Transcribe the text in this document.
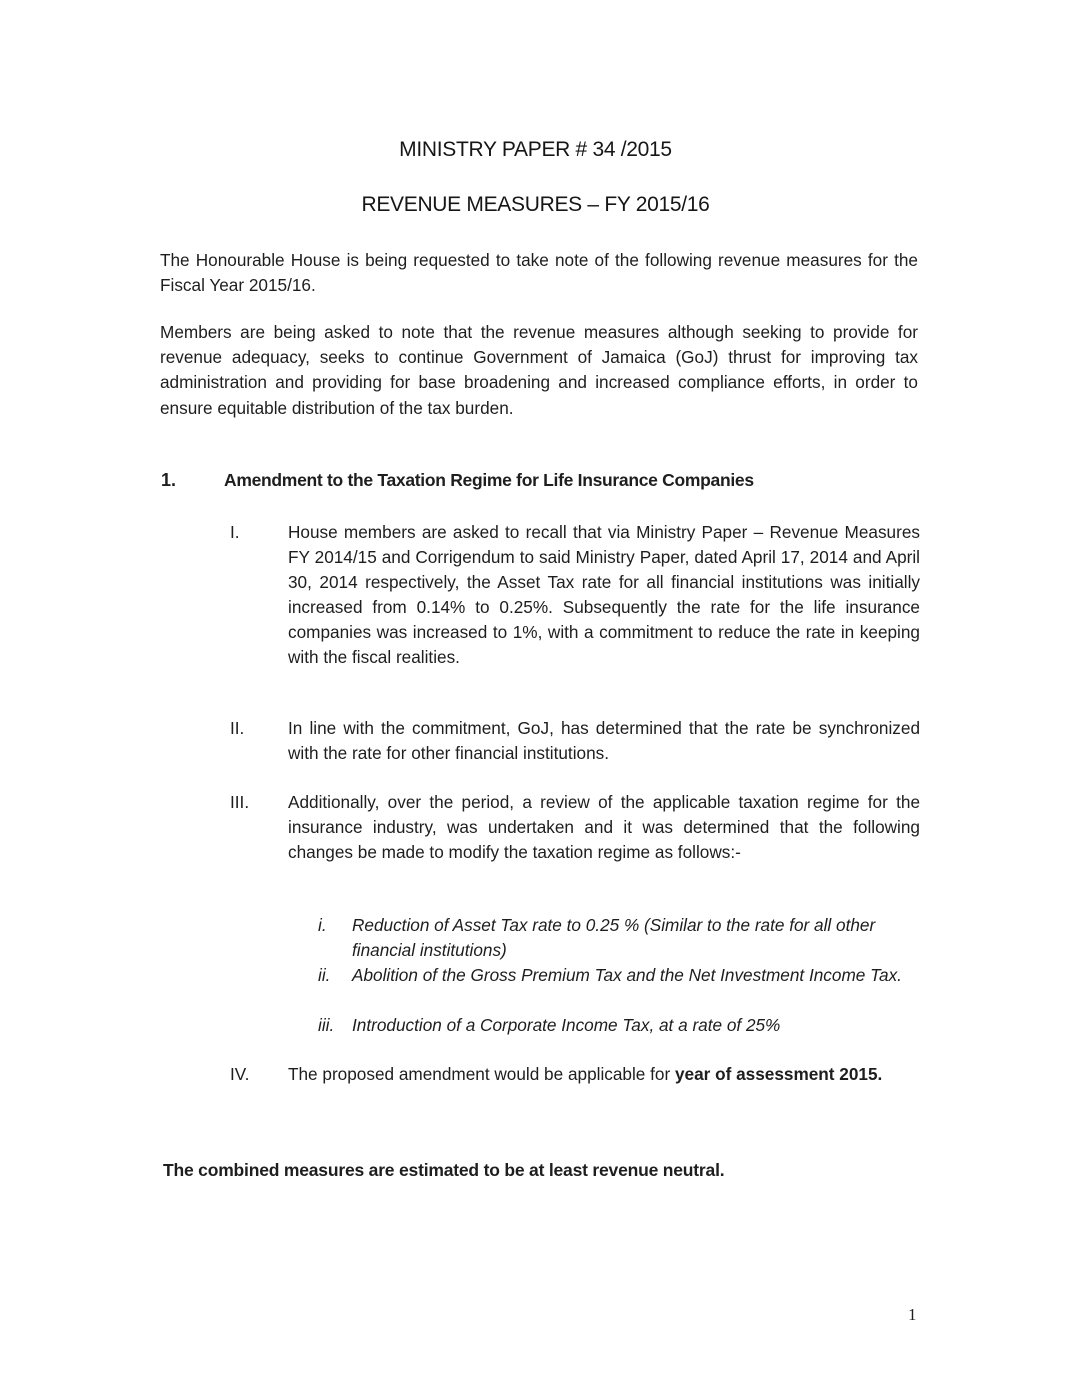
MINISTRY PAPER # 34 /2015
REVENUE MEASURES – FY 2015/16
The Honourable House is being requested to take note of the following revenue measures for the Fiscal Year 2015/16.
Members are being asked to note that the revenue measures although seeking to provide for revenue adequacy, seeks to continue Government of Jamaica (GoJ) thrust for improving tax administration and providing for base broadening and increased compliance efforts, in order to ensure equitable distribution of the tax burden.
1.	Amendment to the Taxation Regime for Life Insurance Companies
I.	House members are asked to recall that via Ministry Paper – Revenue Measures FY 2014/15 and Corrigendum to said Ministry Paper, dated April 17, 2014 and April 30, 2014 respectively, the Asset Tax rate for all financial institutions was initially increased from 0.14% to 0.25%. Subsequently the rate for the life insurance companies was increased to 1%, with a commitment to reduce the rate in keeping with the fiscal realities.
II.	In line with the commitment, GoJ, has determined that the rate be synchronized with the rate for other financial institutions.
III.	Additionally, over the period, a review of the applicable taxation regime for the insurance industry, was undertaken and it was determined that the following changes be made to modify the taxation regime as follows:-
i.	Reduction of Asset Tax rate to 0.25 % (Similar to the rate for all other financial institutions)
ii.	Abolition of the Gross Premium Tax and the Net Investment Income Tax.
iii.	Introduction of a Corporate Income Tax, at a rate of 25%
IV.	The proposed amendment would be applicable for year of assessment 2015.
The combined measures are estimated to be at least revenue neutral.
1
